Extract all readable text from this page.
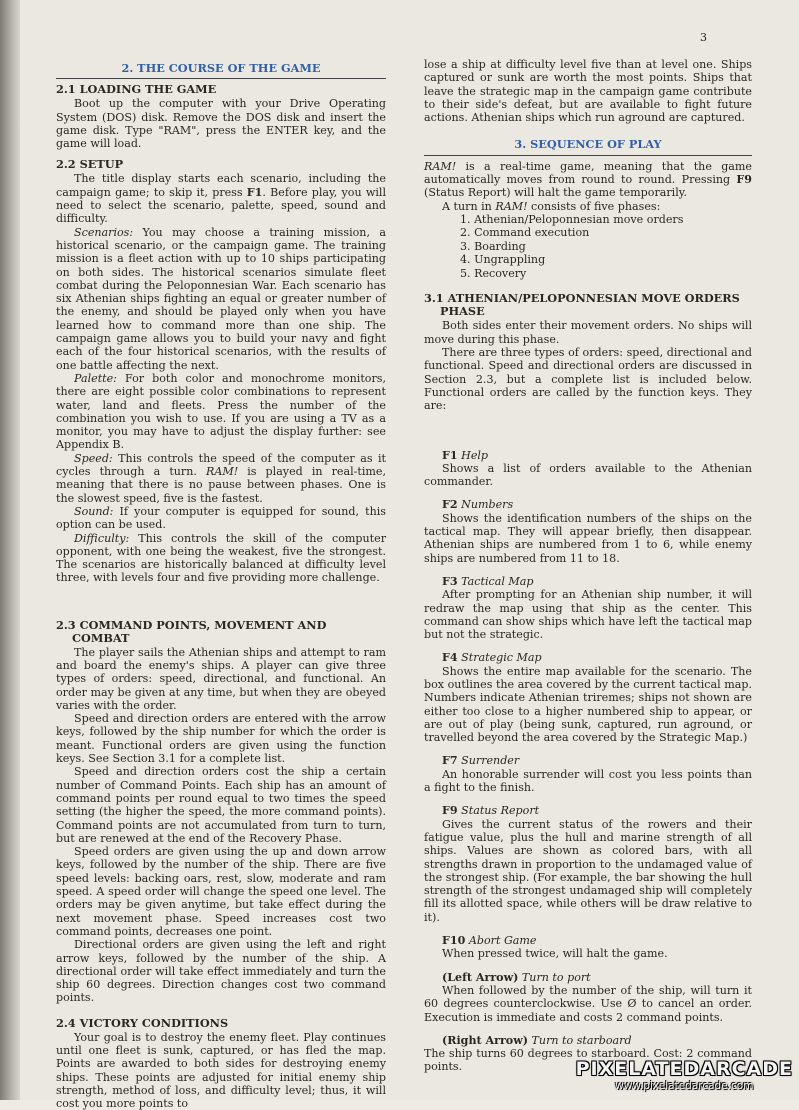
3
2. THE COURSE OF THE GAME
2.1 LOADING THE GAME

Boot up the computer with your Drive Operating System (DOS) disk. Remove the DOS disk and insert the game disk. Type "RAM", press the ENTER key, and the game will load.

2.2 SETUP

The title display starts each scenario, including the campaign game; to skip it, press F1. Before play, you will need to select the scenario, palette, speed, sound and difficulty.

Scenarios: You may choose a training mission, a historical scenario, or the campaign game. The training mission is a fleet action with up to 10 ships participating on both sides. The historical scenarios simulate fleet combat during the Peloponnesian War. Each scenario has six Athenian ships fighting an equal or greater number of the enemy, and should be played only when you have learned how to command more than one ship. The campaign game allows you to build your navy and fight each of the four historical scenarios, with the results of one battle affecting the next.

Palette: For both color and monochrome monitors, there are eight possible color combinations to represent water, land and fleets. Press the number of the combination you wish to use. If you are using a TV as a monitor, you may have to adjust the display further: see Appendix B.

Speed: This controls the speed of the computer as it cycles through a turn. RAM! is played in real-time, meaning that there is no pause between phases. One is the slowest speed, five is the fastest.

Sound: If your computer is equipped for sound, this option can be used.

Difficulty: This controls the skill of the computer opponent, with one being the weakest, five the strongest. The scenarios are historically balanced at difficulty level three, with levels four and five providing more challenge.

2.3 COMMAND POINTS, MOVEMENT AND
COMBAT

The player sails the Athenian ships and attempt to ram and board the enemy's ships. A player can give three types of orders: speed, directional, and functional. An order may be given at any time, but when they are obeyed varies with the order.

Speed and direction orders are entered with the arrow keys, followed by the ship number for which the order is meant. Functional orders are given using the function keys. See Section 3.1 for a complete list.

Speed and direction orders cost the ship a certain number of Command Points. Each ship has an amount of command points per round equal to two times the speed setting (the higher the speed, the more command points). Command points are not accumulated from turn to turn, but are renewed at the end of the Recovery Phase.

Speed orders are given using the up and down arrow keys, followed by the number of the ship. There are five speed levels: backing oars, rest, slow, moderate and ram speed. A speed order will change the speed one level. The orders may be given anytime, but take effect during the next movement phase. Speed increases cost two command points, decreases one point.

Directional orders are given using the left and right arrow keys, followed by the number of the ship. A directional order will take effect immediately and turn the ship 60 degrees. Direction changes cost two command points.

2.4 VICTORY CONDITIONS

Your goal is to destroy the enemy fleet. Play continues until one fleet is sunk, captured, or has fled the map. Points are awarded to both sides for destroying enemy ships. These points are adjusted for initial enemy ship strength, method of loss, and difficulty level; thus, it will cost you more points to

lose a ship at difficulty level five than at level one. Ships captured or sunk are worth the most points. Ships that leave the strategic map in the campaign game contribute to their side's defeat, but are available to fight future actions. Athenian ships which run aground are captured.

3. SEQUENCE OF PLAY

RAM! is a real-time game, meaning that the game automatically moves from round to round. Pressing F9 (Status Report) will halt the game temporarily.

A turn in RAM! consists of five phases:

1. Athenian/Peloponnesian move orders
2. Command execution
3. Boarding
4. Ungrappling
5. Recovery
3.1 ATHENIAN/PELOPONNESIAN MOVE ORDERS
PHASE

Both sides enter their movement orders. No ships will move during this phase.

There are three types of orders: speed, directional and functional. Speed and directional orders are discussed in Section 2.3, but a complete list is included below. Functional orders are called by the function keys. They are:

F1 Help

Shows a list of orders available to the Athenian commander.

F2 Numbers

Shows the identification numbers of the ships on the tactical map. They will appear briefly, then disappear. Athenian ships are numbered from 1 to 6, while enemy ships are numbered from 11 to 18.

F3 Tactical Map

After prompting for an Athenian ship number, it will redraw the map using that ship as the center. This command can show ships which have left the tactical map but not the strategic.

F4 Strategic Map

Shows the entire map available for the scenario. The box outlines the area covered by the current tactical map. Numbers indicate Athenian triremes; ships not shown are either too close to a higher numbered ship to appear, or are out of play (being sunk, captured, run aground, or travelled beyond the area covered by the Strategic Map.)

F7 Surrender

An honorable surrender will cost you less points than a fight to the finish.

F9 Status Report

Gives the current status of the rowers and their fatigue value, plus the hull and marine strength of all ships. Values are shown as colored bars, with all strengths drawn in proportion to the undamaged value of the strongest ship. (For example, the bar showing the hull strength of the strongest undamaged ship will completely fill its allotted space, while others will be draw relative to it).

F10 Abort Game

When pressed twice, will halt the game.

(Left Arrow) Turn to port

When followed by the number of the ship, will turn it 60 degrees counterclockwise. Use Ø to cancel an order. Execution is immediate and costs 2 command points.

(Right Arrow) Turn to starboard

The ship turns 60 degrees to starboard. Cost: 2 command points.	PIXELATEDARCADE
www.pixelatedarcade.com
